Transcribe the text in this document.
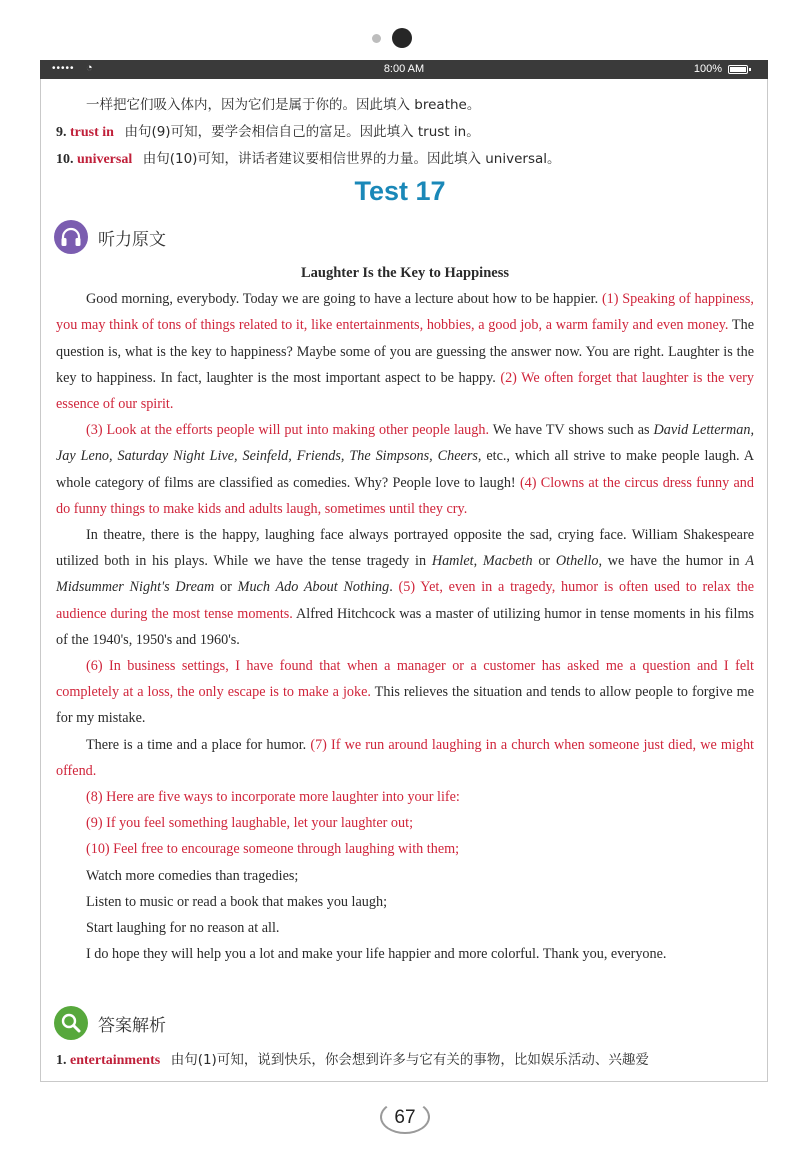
••••• ◔	8:00 AM	100%

一样把它们吸入体内，因为它们是属于你的。因此填入 breathe。

9. trust in 由句(9)可知，要学会相信自己的富足。因此填入 trust in。

10. universal 由句(10)可知，讲话者建议要相信世界的力量。因此填入 universal。

Test 17
听力原文

Laughter Is the Key to Happiness

Good morning, everybody. Today we are going to have a lecture about how to be happier. (1) Speaking of happiness, you may think of tons of things related to it, like entertainments, hobbies, a good job, a warm family and even money. The question is, what is the key to happiness? Maybe some of you are guessing the answer now. You are right. Laughter is the key to happiness. In fact, laughter is the most important aspect to be happy. (2) We often forget that laughter is the very essence of our spirit.

(3) Look at the efforts people will put into making other people laugh. We have TV shows such as David Letterman, Jay Leno, Saturday Night Live, Seinfeld, Friends, The Simpsons, Cheers, etc., which all strive to make people laugh. A whole category of films are classified as comedies. Why? People love to laugh! (4) Clowns at the circus dress funny and do funny things to make kids and adults laugh, sometimes until they cry.

In theatre, there is the happy, laughing face always portrayed opposite the sad, crying face. William Shakespeare utilized both in his plays. While we have the tense tragedy in Hamlet, Macbeth or Othello, we have the humor in A Midsummer Night's Dream or Much Ado About Nothing. (5) Yet, even in a tragedy, humor is often used to relax the audience during the most tense moments. Alfred Hitchcock was a master of utilizing humor in tense moments in his films of the 1940's, 1950's and 1960's.

(6) In business settings, I have found that when a manager or a customer has asked me a question and I felt completely at a loss, the only escape is to make a joke. This relieves the situation and tends to allow people to forgive me for my mistake.

There is a time and a place for humor. (7) If we run around laughing in a church when someone just died, we might offend.

(8) Here are five ways to incorporate more laughter into your life:

(9) If you feel something laughable, let your laughter out;

(10) Feel free to encourage someone through laughing with them;

Watch more comedies than tragedies;

Listen to music or read a book that makes you laugh;

Start laughing for no reason at all.

I do hope they will help you a lot and make your life happier and more colorful. Thank you, everyone.

答案解析
1. entertainments 由句(1)可知，说到快乐，你会想到许多与它有关的事物，比如娱乐活动、兴趣爱
67
